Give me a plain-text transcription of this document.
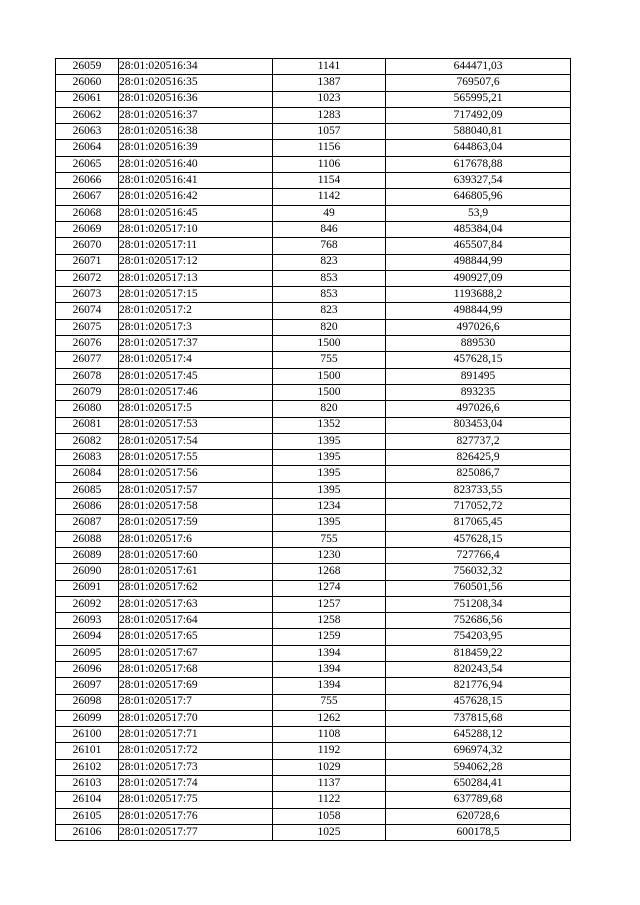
26059	28:01:020516:34	1141	644471,03
26060	28:01:020516:35	1387	769507,6
26061	28:01:020516:36	1023	565995,21
26062	28:01:020516:37	1283	717492,09
26063	28:01:020516:38	1057	588040,81
26064	28:01:020516:39	1156	644863,04
26065	28:01:020516:40	1106	617678,88
26066	28:01:020516:41	1154	639327,54
26067	28:01:020516:42	1142	646805,96
26068	28:01:020516:45	49	53,9
26069	28:01:020517:10	846	485384,04
26070	28:01:020517:11	768	465507,84
26071	28:01:020517:12	823	498844,99
26072	28:01:020517:13	853	490927,09
26073	28:01:020517:15	853	1193688,2
26074	28:01:020517:2	823	498844,99
26075	28:01:020517:3	820	497026,6
26076	28:01:020517:37	1500	889530
26077	28:01:020517:4	755	457628,15
26078	28:01:020517:45	1500	891495
26079	28:01:020517:46	1500	893235
26080	28:01:020517:5	820	497026,6
26081	28:01:020517:53	1352	803453,04
26082	28:01:020517:54	1395	827737,2
26083	28:01:020517:55	1395	826425,9
26084	28:01:020517:56	1395	825086,7
26085	28:01:020517:57	1395	823733,55
26086	28:01:020517:58	1234	717052,72
26087	28:01:020517:59	1395	817065,45
26088	28:01:020517:6	755	457628,15
26089	28:01:020517:60	1230	727766,4
26090	28:01:020517:61	1268	756032,32
26091	28:01:020517:62	1274	760501,56
26092	28:01:020517:63	1257	751208,34
26093	28:01:020517:64	1258	752686,56
26094	28:01:020517:65	1259	754203,95
26095	28:01:020517:67	1394	818459,22
26096	28:01:020517:68	1394	820243,54
26097	28:01:020517:69	1394	821776,94
26098	28:01:020517:7	755	457628,15
26099	28:01:020517:70	1262	737815,68
26100	28:01:020517:71	1108	645288,12
26101	28:01:020517:72	1192	696974,32
26102	28:01:020517:73	1029	594062,28
26103	28:01:020517:74	1137	650284,41
26104	28:01:020517:75	1122	637789,68
26105	28:01:020517:76	1058	620728,6
26106	28:01:020517:77	1025	600178,5
